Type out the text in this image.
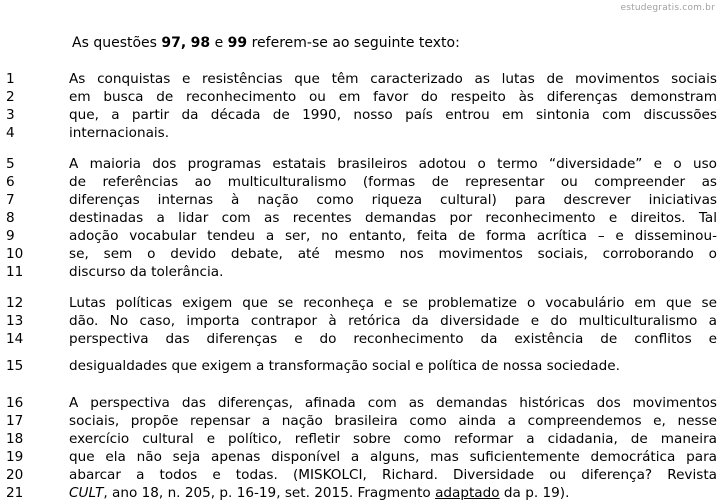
estudegratis.com.br
As questões 97, 98 e 99 referem-se ao seguinte texto:
1	As conquistas e resistências que têm caracterizado as lutas de movimentos sociais
2	em busca de reconhecimento ou em favor do respeito às diferenças demonstram
3	que, a partir da década de 1990, nosso país entrou em sintonia com discussões
4	internacionais.
5	A maioria dos programas estatais brasileiros adotou o termo “diversidade” e o uso
6	de referências ao multiculturalismo (formas de representar ou compreender as
7	diferenças internas à nação como riqueza cultural) para descrever iniciativas
8	destinadas a lidar com as recentes demandas por reconhecimento e direitos. Tal
9	adoção vocabular tendeu a ser, no entanto, feita de forma acrítica – e disseminou-
10	se, sem o devido debate, até mesmo nos movimentos sociais, corroborando o
11	discurso da tolerância.
12	Lutas políticas exigem que se reconheça e se problematize o vocabulário em que se
13	dão. No caso, importa contrapor à retórica da diversidade e do multiculturalismo a
14	perspectiva das diferenças e do reconhecimento da existência de conflitos e
15	desigualdades que exigem a transformação social e política de nossa sociedade.
16	A perspectiva das diferenças, afinada com as demandas históricas dos movimentos
17	sociais, propõe repensar a nação brasileira como ainda a compreendemos e, nesse
18	exercício cultural e político, refletir sobre como reformar a cidadania, de maneira
19	que ela não seja apenas disponível a alguns, mas suficientemente democrática para
20	abarcar a todos e todas. (MISKOLCI, Richard. Diversidade ou diferença? Revista
21	CULT, ano 18, n. 205, p. 16-19, set. 2015. Fragmento adaptado da p. 19).
